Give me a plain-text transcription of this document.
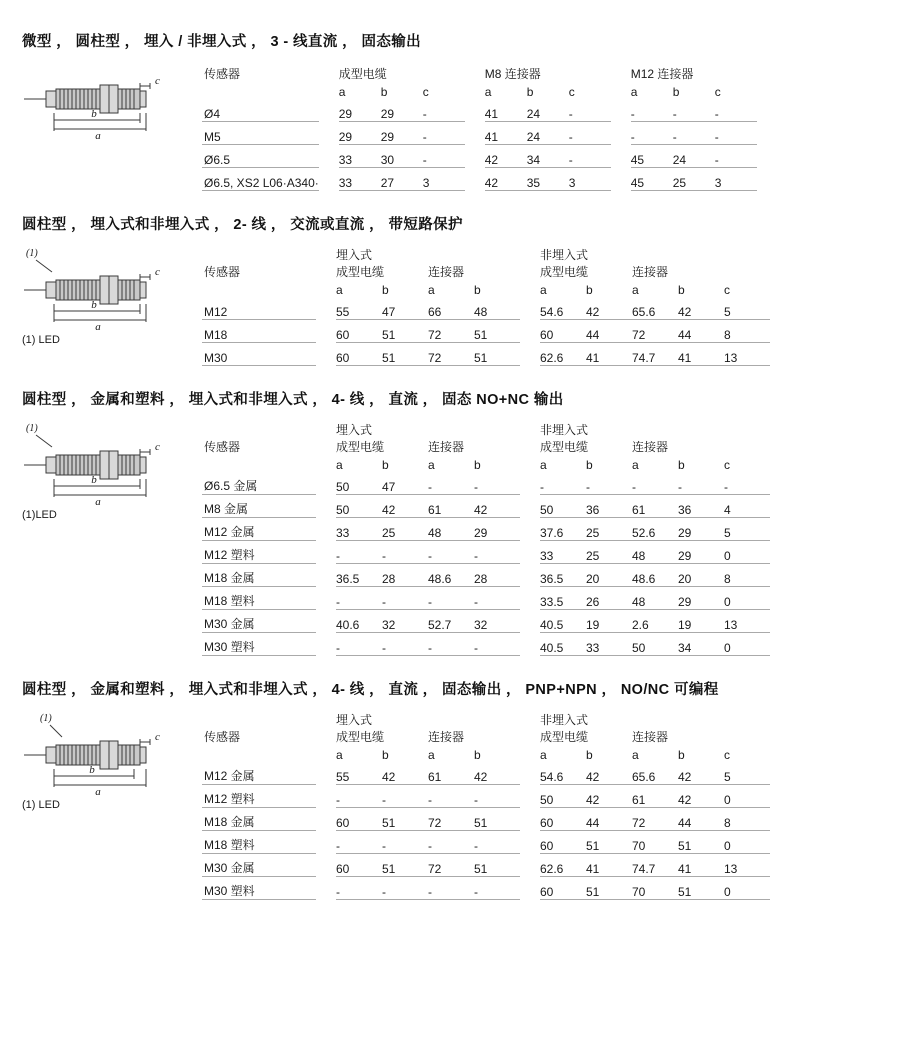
微型 ， 圆柱型 ， 埋入 / 非埋入式 ， 3 - 线直流 ， 固态输出
b
a
c	传感器		成型电缆				M8 连接器				M12 连接器		
		a	b	c		a	b	c		a	b	c
Ø4		29	29	-		41	24	-		-	-	-
M5		29	29	-		41	24	-		-	-	-
Ø6.5		33	30	-		42	34	-		45	24	-
Ø6.5, XS2 L06·A340·		33	27	3		42	35	3		45	25	3
圆柱型 ， 埋入式和非埋入式 ， 2- 线 ， 交流或直流 ， 带短路保护
(1)
b
a
c
(1) LED
		埋入式					非埋入式				
传感器		成型电缆		连接器			成型电缆		连接器		
		a	b	a	b		a	b	a	b	c
M12		55	47	66	48		54.6	42	65.6	42	5
M18		60	51	72	51		60	44	72	44	8
M30		60	51	72	51		62.6	41	74.7	41	13
圆柱型 ， 金属和塑料 ， 埋入式和非埋入式 ， 4- 线 ， 直流 ， 固态 NO+NC 输出
(1)
b
a
c
(1)LED
		埋入式					非埋入式				
传感器		成型电缆		连接器			成型电缆		连接器		
		a	b	a	b		a	b	a	b	c
Ø6.5 金属		50	47	-	-		-	-	-	-	-
M8 金属		50	42	61	42		50	36	61	36	4
M12 金属		33	25	48	29		37.6	25	52.6	29	5
M12 塑料		-	-	-	-		33	25	48	29	0
M18 金属		36.5	28	48.6	28		36.5	20	48.6	20	8
M18 塑料		-	-	-	-		33.5	26	48	29	0
M30 金属		40.6	32	52.7	32		40.5	19	2.6	19	13
M30 塑料		-	-	-	-		40.5	33	50	34	0
圆柱型 ， 金属和塑料 ， 埋入式和非埋入式 ， 4- 线 ， 直流 ， 固态输出 ， PNP+NPN ， NO/NC 可编程
(1)
b
a
c
(1) LED
		埋入式					非埋入式				
传感器		成型电缆		连接器			成型电缆		连接器		
		a	b	a	b		a	b	a	b	c
M12 金属		55	42	61	42		54.6	42	65.6	42	5
M12 塑料		-	-	-	-		50	42	61	42	0
M18 金属		60	51	72	51		60	44	72	44	8
M18 塑料		-	-	-	-		60	51	70	51	0
M30 金属		60	51	72	51		62.6	41	74.7	41	13
M30 塑料		-	-	-	-		60	51	70	51	0
